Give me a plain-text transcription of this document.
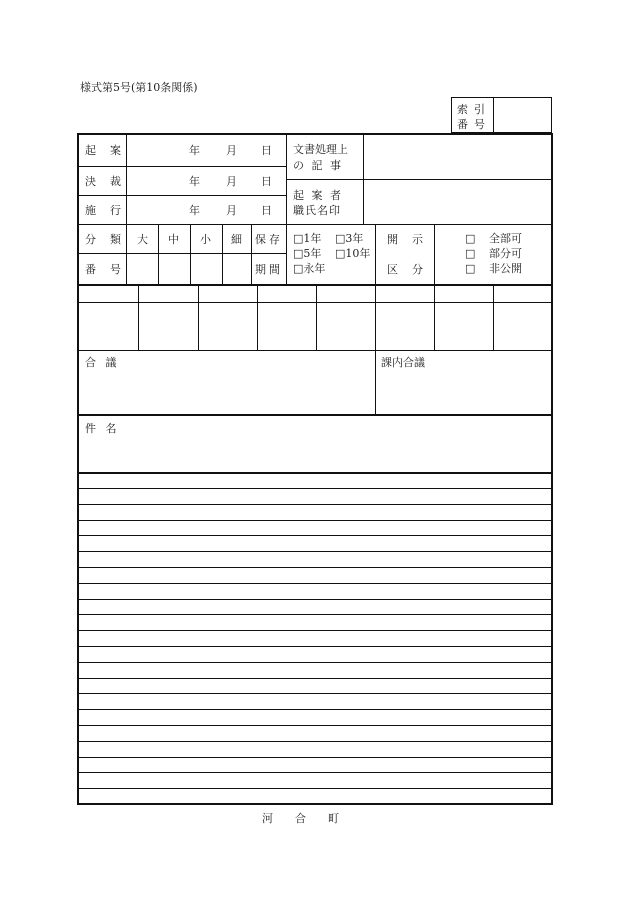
様式第5号(第10条関係)
索引
番号
起案
決裁
施行
年 月 日
年 月 日
年 月 日
文書処理上
の 記 事
起 案 者
職氏名印
分類
番号
大 中 小 細 保存
期間
□1年 □3年
□5年 □10年
□永年
開示
区分
□ 全部可
□ 部分可
□ 非公開
合 議	課内合議
件 名
河　　合　　町
